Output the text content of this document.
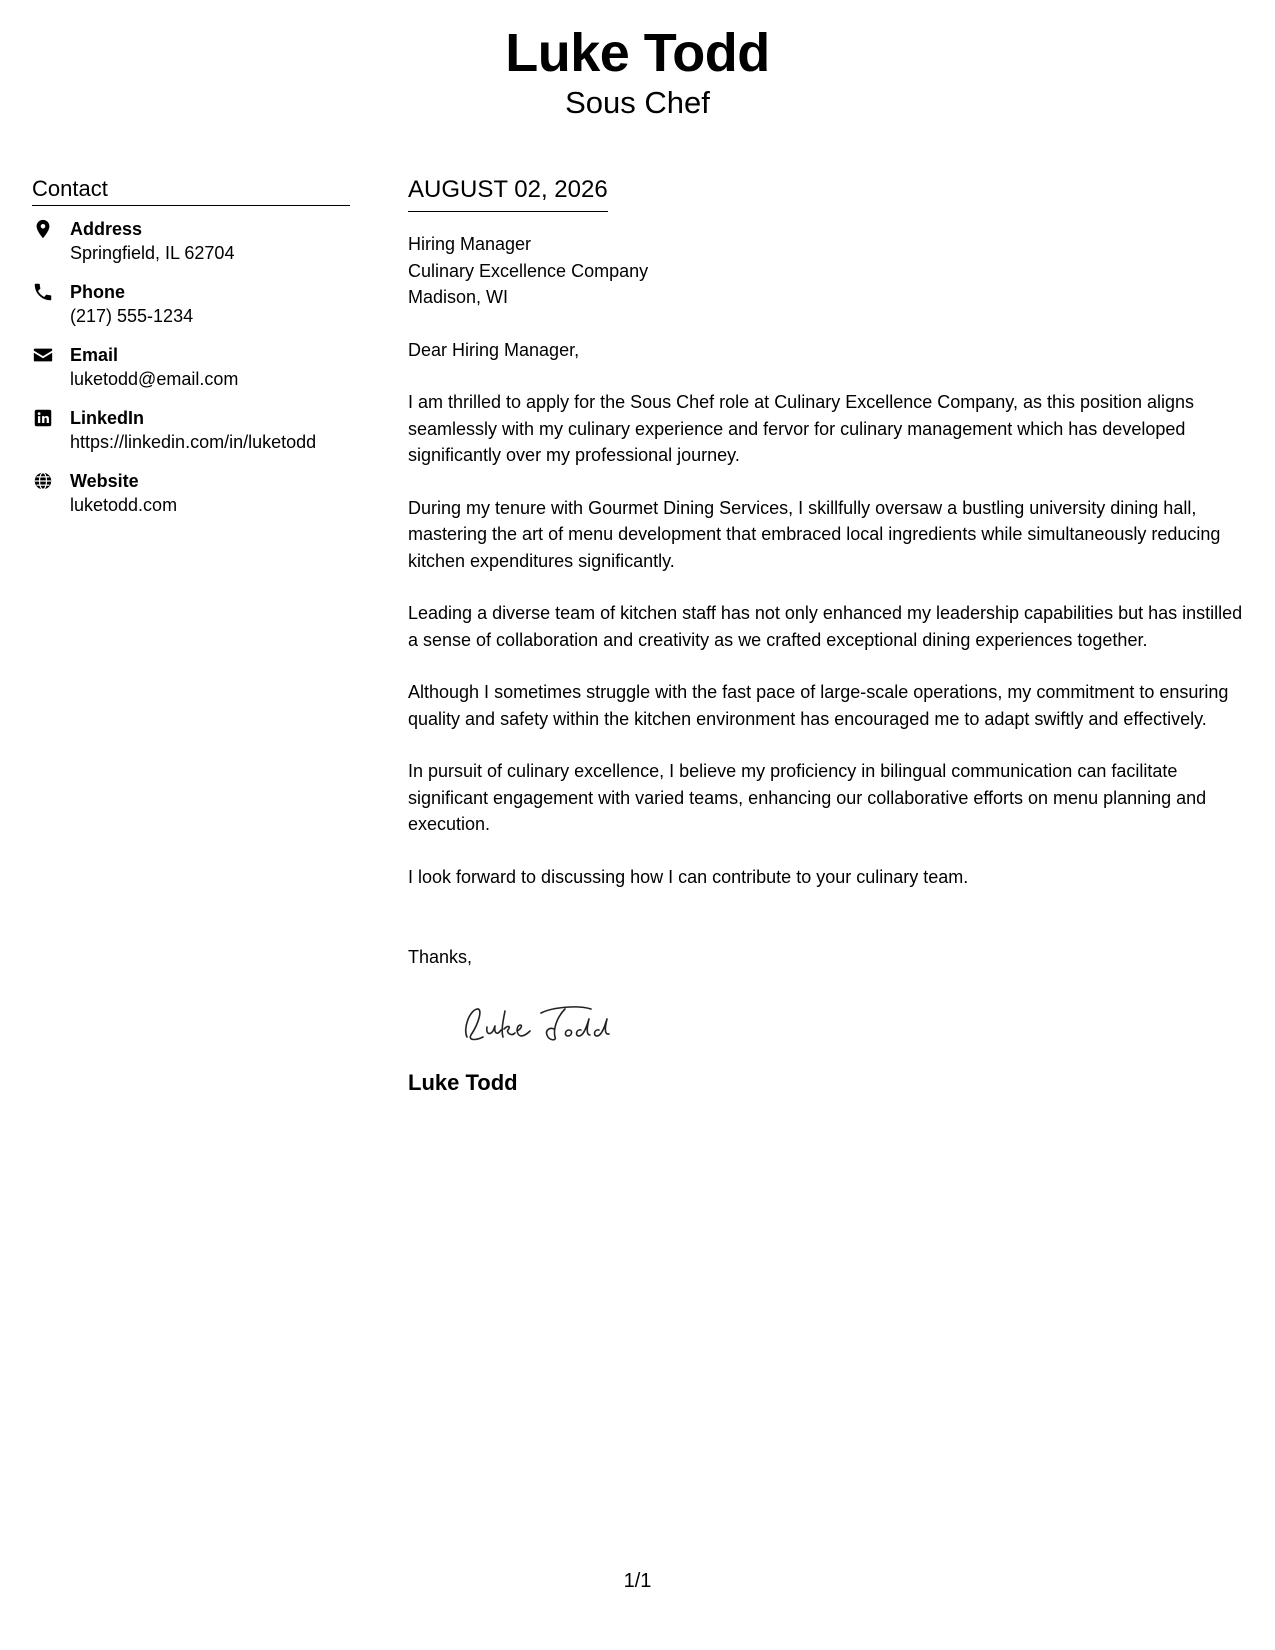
Luke Todd
Sous Chef
Contact
Address
Springfield, IL 62704
Phone
(217) 555-1234
Email
luketodd@email.com
LinkedIn
https://linkedin.com/in/luketodd
Website
luketodd.com
AUGUST 02, 2026
Hiring Manager
Culinary Excellence Company
Madison, WI
Dear Hiring Manager,
I am thrilled to apply for the Sous Chef role at Culinary Excellence Company, as this position aligns seamlessly with my culinary experience and fervor for culinary management which has developed significantly over my professional journey.
During my tenure with Gourmet Dining Services, I skillfully oversaw a bustling university dining hall, mastering the art of menu development that embraced local ingredients while simultaneously reducing kitchen expenditures significantly.
Leading a diverse team of kitchen staff has not only enhanced my leadership capabilities but has instilled a sense of collaboration and creativity as we crafted exceptional dining experiences together.
Although I sometimes struggle with the fast pace of large-scale operations, my commitment to ensuring quality and safety within the kitchen environment has encouraged me to adapt swiftly and effectively.
In pursuit of culinary excellence, I believe my proficiency in bilingual communication can facilitate significant engagement with varied teams, enhancing our collaborative efforts on menu planning and execution.
I look forward to discussing how I can contribute to your culinary team.
Thanks,
Luke Todd
1/1
